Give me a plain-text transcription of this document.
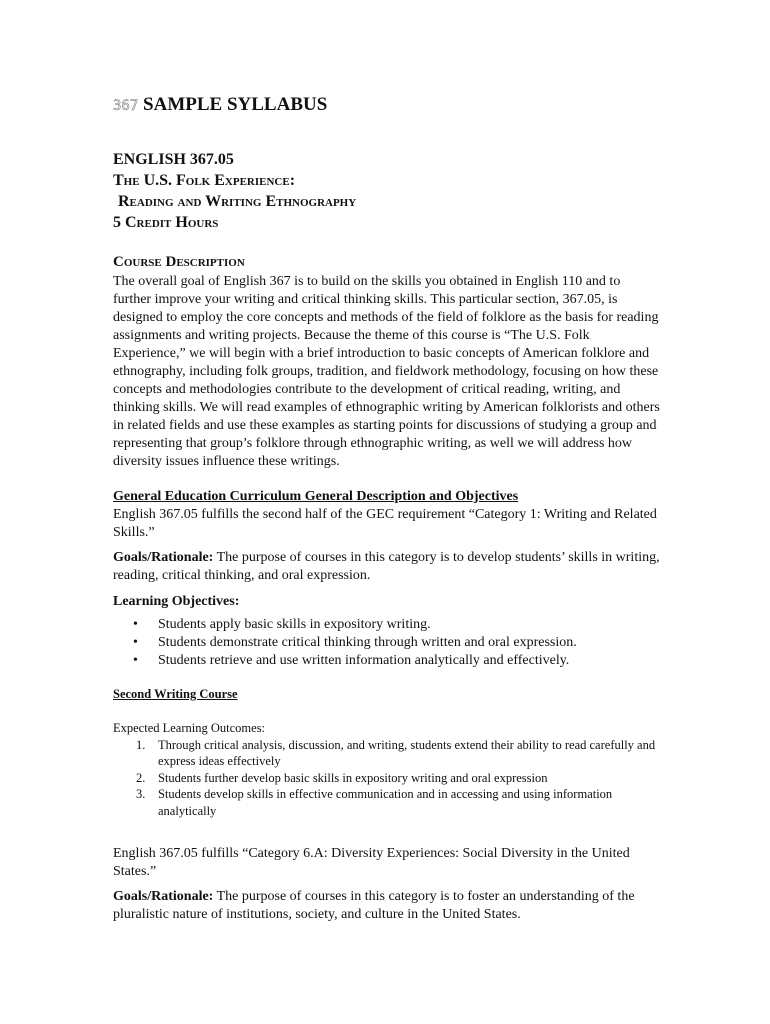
367 SAMPLE SYLLABUS
ENGLISH 367.05
The U.S. Folk Experience:
Reading and Writing Ethnography
5 Credit Hours
Course Description

The overall goal of English 367 is to build on the skills you obtained in English 110 and to further improve your writing and critical thinking skills. This particular section, 367.05, is designed to employ the core concepts and methods of the field of folklore as the basis for reading assignments and writing projects. Because the theme of this course is “The U.S. Folk Experience,” we will begin with a brief introduction to basic concepts of American folklore and ethnography, including folk groups, tradition, and fieldwork methodology, focusing on how these concepts and methodologies contribute to the development of critical reading, writing, and thinking skills. We will read examples of ethnographic writing by American folklorists and others in related fields and use these examples as starting points for discussions of studying a group and representing that group’s folklore through ethnographic writing, as well we will address how diversity issues influence these writings.

General Education Curriculum General Description and Objectives

English 367.05 fulfills the second half of the GEC requirement “Category 1: Writing and Related Skills.”

Goals/Rationale: The purpose of courses in this category is to develop students’ skills in writing, reading, critical thinking, and oral expression.

Learning Objectives:
• Students apply basic skills in expository writing.
• Students demonstrate critical thinking through written and oral expression.
• Students retrieve and use written information analytically and effectively.
Second Writing Course
Expected Learning Outcomes:
1. Through critical analysis, discussion, and writing, students extend their ability to read carefully and express ideas effectively
2. Students further develop basic skills in expository writing and oral expression
3. Students develop skills in effective communication and in accessing and using information analytically

English 367.05 fulfills “Category 6.A: Diversity Experiences: Social Diversity in the United States.”

Goals/Rationale: The purpose of courses in this category is to foster an understanding of the pluralistic nature of institutions, society, and culture in the United States.
